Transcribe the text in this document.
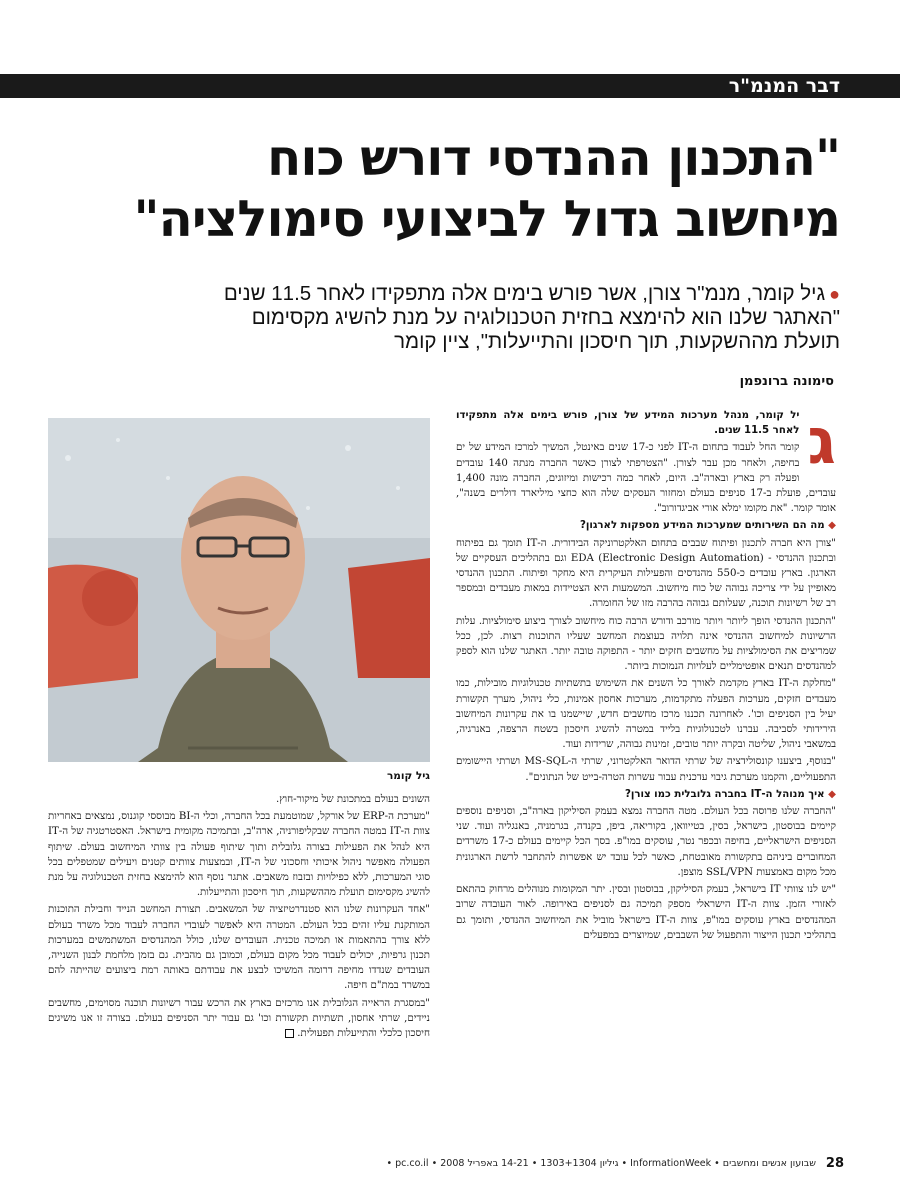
דבר המנמ"ר
"התכנון ההנדסי דורש כוח
מיחשוב גדול לביצועי סימולציה"
●גיל קומר, מנמ"ר צורן, אשר פורש בימים אלה מתפקידו לאחר 11.5 שנים
"האתגר שלנו הוא להימצא בחזית הטכנולוגיה על מנת להשיג מקסימום
תועלת מההשקעות, תוך חיסכון והתייעלות", ציין קומר
סימונה ברונפמן
גיל קומר

ג
יל קומר, מנהל מערכות המידע של צורן, פורש בימים אלה מתפקידו לאחר 11.5 שנים.

קומר החל לעבוד בתחום ה-IT לפני כ-17 שנים באינטל, המשיך למרכז המידע של ים בחיפה, ולאחר מכן עבר לצורן. "הצטרפתי לצורן כאשר החברה מנתה 140 עובדים ופעלה רק בארץ ובארה"ב. היום, לאחר כמה רכישות ומיזוגים, החברה מונה 1,400 עובדים, פועלת ב-17 סניפים בעולם ומחזור העסקים שלה הוא כחצי מיליארד דולרים בשנה", אומר קומר. "את מקומו ימלא אורי אביגדורוב".

◆ מה הם השירותים שמערכות המידע מספקות לארגון?

"צורן היא חברה לתכנון ופיתוח שבבים בתחום האלקטרוניקה הבידורית. ה-IT תומך גם בפיתוח ובתכנון ההנדסי - EDA (Electronic Design Automation) וגם בתהליכים העסקיים של הארגון. בארץ עובדים כ-550 מהנדסים והפעילות העיקרית היא מחקר ופיתוח. התכנון ההנדסי מאופיין על ידי צריכה גבוהה של כוח מיחשוב. המשמעות היא הצטיידות במאות מעבדים ובמספר רב של רשיונות תוכנה, שעלותם גבוהה בהרבה מזו של החומרה.

"התכנון ההנדסי הופך ליותר ויותר מורכב ודורש הרבה כוח מיחשוב לצורך ביצוע סימולציות. עלות הרשיונות למיחשוב ההנדסי אינה תלויה בעוצמת המחשב שעליו התוכנות רצות. לכן, ככל שמריצים את הסימולציות על מחשבים חזקים יותר - התפוקה טובה יותר. האתגר שלנו הוא לספק למהנדסים תנאים אופטימליים לעלויות הנמוכות ביותר.

"מחלקת ה-IT בארץ מקדמת לאורך כל השנים את השימוש בתשתיות טכנולוגיות מובילות, כמו מעבדים חזקים, מערכות הפעלה מתקדמות, מערכות אחסון אמינות, כלי ניהול, מערך תקשורת יעיל בין הסניפים וכו'. לאחרונה תכננו מרכז מחשבים חדש, שיישמנו בו את עקרונות המיחשוב הירידותי לסביבה. עברנו לטכנולוגיות בלייד במטרה להשיג חיסכון בשטח הרצפה, באנרגיה, במשאבי ניהול, שליטה ובקרה יותר טובים, זמינות גבוהה, שרידות ועוד.

"בנוסף, ביצענו קונסולידציה של שרתי הדואר האלקטרוני, שרתי ה-MS-SQL ושרתי היישומים התפעוליים, והקמנו מערכת גיבוי עדכנית עבור עשרות הטרה-בייט של הנתונים".

◆ איך מנוהל ה-IT בחברה גלובלית כמו צורן?

"החברה שלנו פרוסה בכל העולם. מטה החברה נמצא בעמק הסיליקון בארה"ב, וסניפים נוספים קיימים בבוסטון, בישראל, בסין, בטייוואן, בקוריאה, ביפן, בקנדה, בגרמניה, באנגליה ועוד. שני הסניפים הישראליים, בחיפה ובכפר נטר, עוסקים במו"פ. בסך הכל קיימים בעולם כ-17 משרדים המחוברים ביניהם בתקשורת מאובטחת, כאשר לכל עובד יש אפשרות להתחבר לרשת הארגונית מכל מקום באמצעות SSL/VPN מוצפן.

"יש לנו צוותי IT בישראל, בעמק הסיליקון, בבוסטון ובסין. יתר המקומות מנוהלים מרחוק בהתאם לאזורי הזמן. צוות ה-IT הישראלי מספק תמיכה גם לסניפים באירופה. לאור העובדה שרוב המהנדסים בארץ עוסקים במו"פ, צוות ה-IT בישראל מוביל את המיחשוב ההנדסי, ותומך גם בתהליכי תכנון הייצור והתפעול של השבבים, שמיוצרים במפעלים

השונים בעולם במתכונת של מיקור-חוץ.

"מערכת ה-ERP של אורקל, שמוטמעת בכל החברה, וכלי ה-BI מבוססי קוגנוס, נמצאים באחריות צוות ה-IT במטה החברה שבקליפורניה, ארה"ב, ובתמיכה מקומית בישראל. האסטרטגיה של ה-IT היא לנהל את הפעילות בצורה גלובלית ותוך שיתוף פעולה בין צוותי המיחשוב בעולם. שיתוף הפעולה מאפשר ניהול איכותי וחסכוני של ה-IT, ובמצעות צוותים קטנים ויעילים שמטפלים בכל סוגי המערכות, ללא כפילויות ובזבוז משאבים. אתגר נוסף הוא להימצא בחזית הטכנולוגיה על מנת להשיג מקסימום תועלת מההשקעות, תוך חיסכון והתייעלות.

"אחד העקרונות שלנו הוא סטנדרטיזציה של המשאבים. תצורת המחשב הנייד וחבילת התוכנות המותקנת עליו זהים בכל העולם. המטרה היא לאפשר לעובדי החברה לעבוד מכל משרד בעולם ללא צורך בהתאמות או תמיכה טכנית. העובדים שלנו, כולל המהנדסים המשתמשים במערכות תכנון גרפיות, יכולים לעבוד מכל מקום בעולם, וכמובן גם מהבית. גם בזמן מלחמת לבנון השנייה, העובדים שנדדו מחיפה דרומה המשיכו לבצע את עבודתם באותה רמת ביצועים שהייתה להם במשרד במת"ם חיפה.

"במסגרת הראייה הגלובלית אנו מרכזים בארץ את הרכש עבור רשיונות תוכנה מסוימים, מחשבים ניידים, שרתי אחסון, תשתיות תקשורת וכו' גם עבור יתר הסניפים בעולם. בצורה זו אנו משיגים חיסכון כלכלי והתייעלות תפעולית.

28
שבועון אנשים ומחשבים • InformationWeek • גיליון 1303+1304 • 14-21 באפריל 2008 • pc.co.il •
